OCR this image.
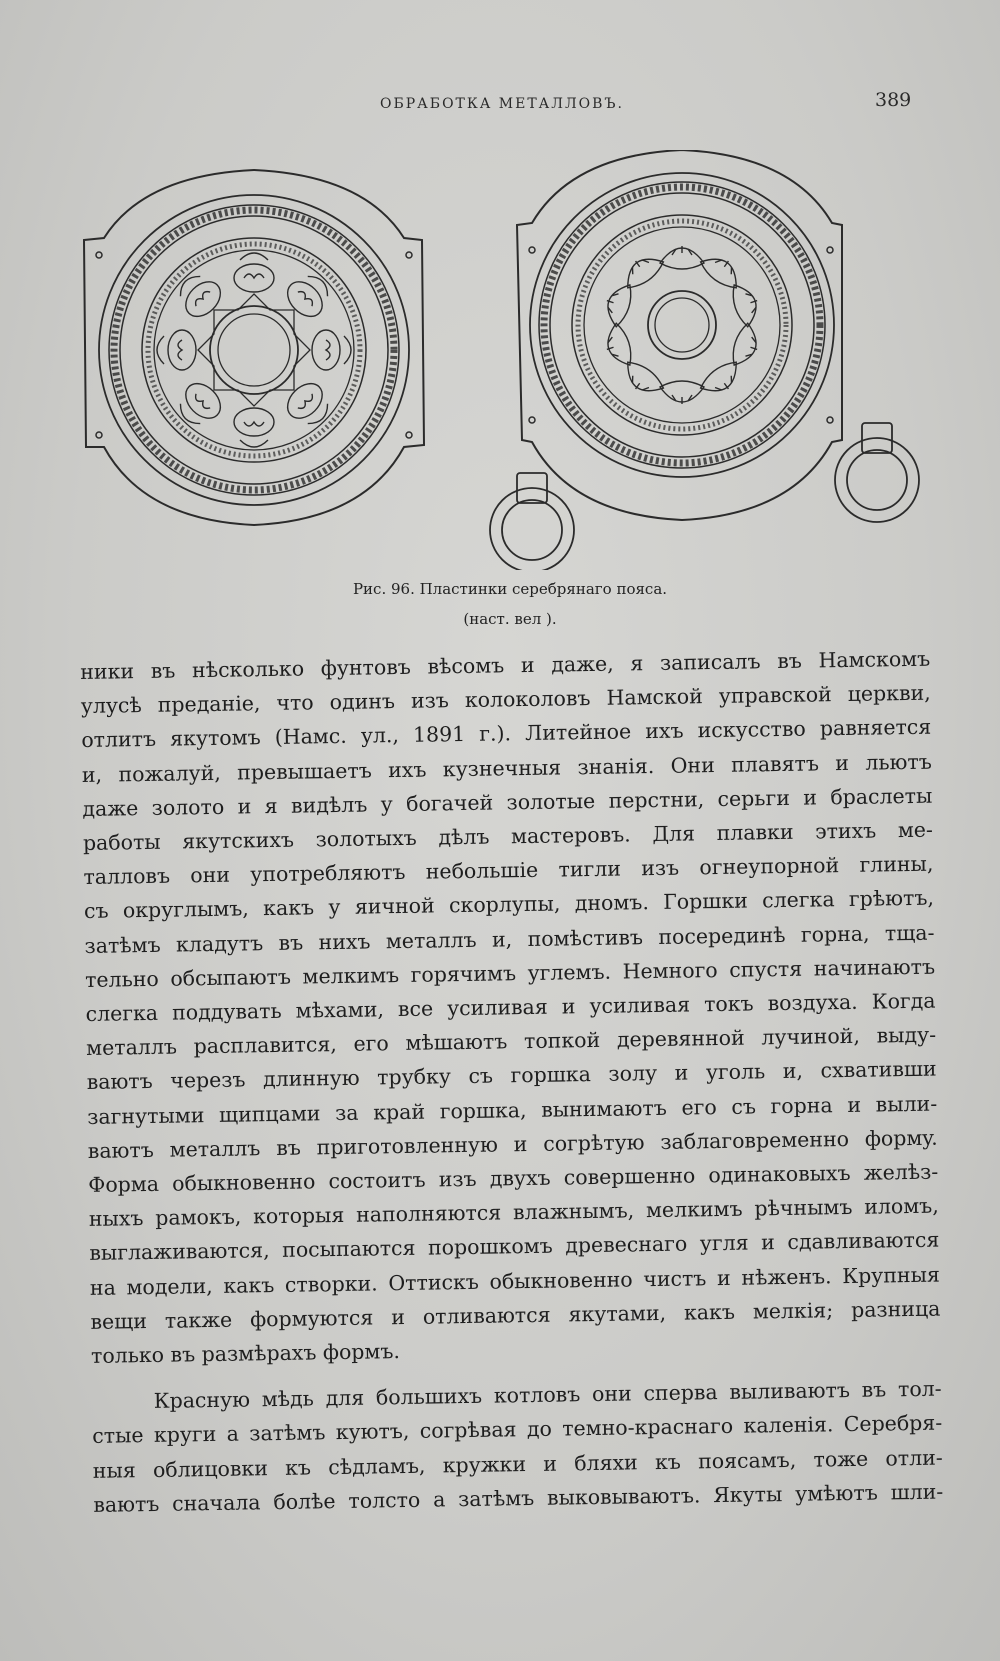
ОБРАБОТКА МЕТАЛЛОВЪ.	389
Рис. 96. Пластинки серебрянаго пояса.
(наст. вел ).
ники въ нѣсколько фунтовъ вѣсомъ и даже, я записалъ въ Намскомъ
улусѣ преданіе, что одинъ изъ колоколовъ Намской управской церкви,
отлитъ якутомъ (Намс. ул., 1891 г.). Литейное ихъ искусство равняется
и, пожалуй, превышаетъ ихъ кузнечныя знанія. Они плавятъ и льютъ
даже золото и я видѣлъ у богачей золотые перстни, серьги и браслеты
работы якутскихъ золотыхъ дѣлъ мастеровъ. Для плавки этихъ ме-
талловъ они употребляютъ небольшіе тигли изъ огнеупорной глины,
съ округлымъ, какъ у яичной скорлупы, дномъ. Горшки слегка грѣютъ,
затѣмъ кладутъ въ нихъ металлъ и, помѣстивъ посерединѣ горна, тща-
тельно обсыпаютъ мелкимъ горячимъ углемъ. Немного спустя начинаютъ
слегка поддувать мѣхами, все усиливая и усиливая токъ воздуха. Когда
металлъ расплавится, его мѣшаютъ топкой деревянной лучиной, выду-
ваютъ черезъ длинную трубку съ горшка золу и уголь и, схвативши
загнутыми щипцами за край горшка, вынимаютъ его съ горна и выли-
ваютъ металлъ въ приготовленную и согрѣтую заблаговременно формy.
Форма обыкновенно состоитъ изъ двухъ совершенно одинаковыхъ желѣз-
ныхъ рамокъ, которыя наполняются влажнымъ, мелкимъ рѣчнымъ иломъ,
выглаживаются, посыпаются порошкомъ древеснаго угля и сдавливаются
на модели, какъ створки. Оттискъ обыкновенно чистъ и нѣженъ. Крупныя
вещи также формуются и отливаются якутами, какъ мелкія; разница
только въ размѣрахъ формъ.
Красную мѣдь для большихъ котловъ они сперва выливаютъ въ тол-
стые круги а затѣмъ куютъ, согрѣвая до темно-краснаго каленія. Серебря-
ныя облицовки къ сѣдламъ, кружки и бляхи къ поясамъ, тоже отли-
ваютъ сначала болѣе толсто а затѣмъ выковываютъ. Якуты умѣютъ шли-
